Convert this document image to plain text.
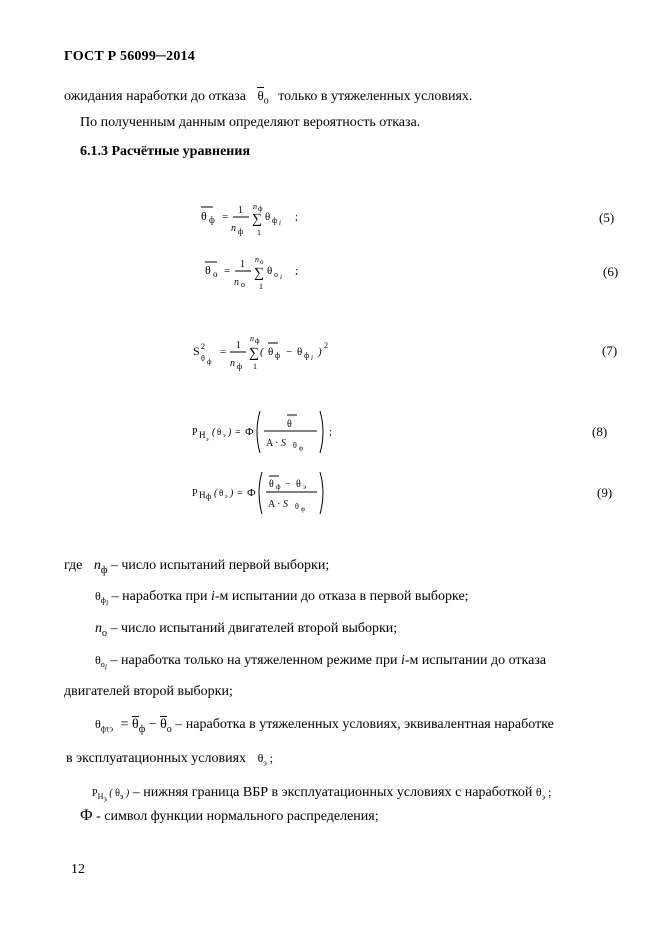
ГОСТ Р 56099─2014
ожидания наработки до отказа $\theta_о$ только в утяжеленных условиях.
По полученным данным определяют вероятность отказа.
6.1.3 Расчётные уравнения
θ ф =
1
n ф
n ф
∑
1
θ ф i ;	(5)
θ о =
1
n о
n о
∑
1
θ о i ;	(6)
S 2
θ ф
=
1
n ф
n ф
∑
1
( θ ф − θ ф i )
2	(7)
P Н э
( θ э ) = Ф
θ
A · S θ ф
;	(8)
P Н ф ( θ э ) = Ф
θ ф − θ э
A · S θ ф
(9)
где $n_ф$ – число испытаний первой выборки;
$\theta_{ф_i}$ – наработка при i-м испытании до отказа в первой выборке;
$n_о$ – число испытаний двигателей второй выборки;
$\theta_{о_i}$ – наработка только на утяжеленном режиме при i-м испытании до отказа
двигателей второй выборки;
$\theta_{фтэ} = \theta_ф - \theta_о$ – наработка в утяжеленных условиях, эквивалентная наработке
в эксплуатационных условиях $\theta_э$ ;
$P_{Н_э}$ ( $\theta_э$ ) – нижняя граница ВБР в эксплуатационных условиях с наработкой $\theta_э$ ;
Ф - символ функции нормального распределения;
12
